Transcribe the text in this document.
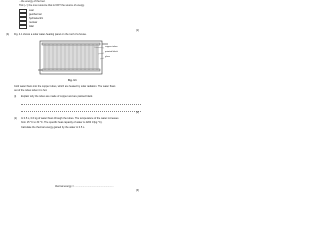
...the energy of the fuel.
Tick (✓) the one resource that is NOT the source of energy.
coal
geothermal
hydroelectric
nuclear
tidal
[1]
(b) Fig. 4.1 shows a solar water-heating panel on the roof of a house.
copper tubes
painted black
glass
Fig. 4.1
Cold water flows into the copper tubes, which are heated by solar radiation. The water flows
out of the tubes when it is hot.
(i) Explain why the tubes are made of copper and are painted black.
[2]
(ii) In 0.5 s, 0.6 kg of water flows through the tubes. The temperature of the water increases
from 15 °C to 30 °C. The specific heat capacity of water is 4200 J/(kg °C).
Calculate the thermal energy gained by the water in 0.5 s.
thermal energy = ........................................................
[3]
